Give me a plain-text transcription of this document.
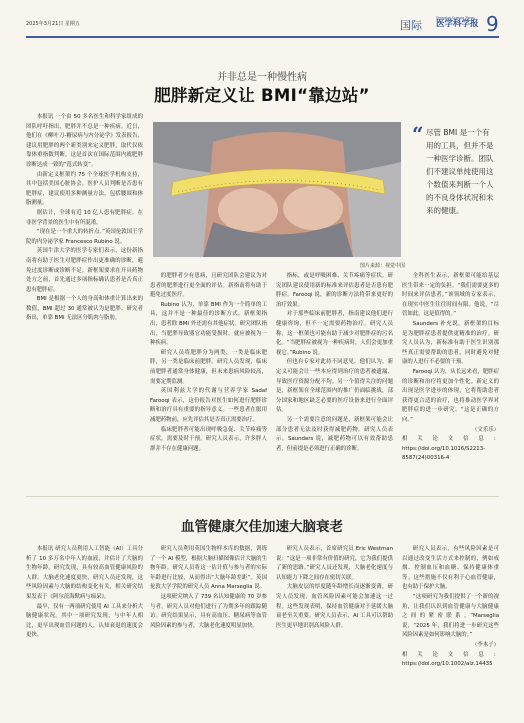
2025年3月21日 星期五	国际
Shanghai Science Times
医学科学报 9
并非总是一种慢性病
肥胖新定义让 BMI“靠边站”

本报讯 一个由 50 多名医生和科学家组成的团队呼吁指出，肥胖并不总是一种疾病。近日，他们在《柳叶刀-糖尿病与内分泌学》发表报告，建议用肥胖的两个新类别来定义肥胖，取代仅依靠体重指数判断。这是首次在国际范围内就肥胖诊断达成一致的“范式转变”。

由新定义框架约 75 个全球医学机构支持，其中包括美国心脏协会。医护人员判断是否患有肥胖症，建议使用多种测量方法，包括腰围和体脂测量。

据估计，全球有近 10 亿人患有肥胖症。在非医学背景的医生中有所混淆。

“现在是一个重大的转折点。”英国伦敦国王学院的内分泌学家 Francesco Rubino 说。

英国牛津大学的医学专家们表示，这份新指南将有助于医生对肥胖症作出更准确的诊断，避免过度诊断或诊断不足。新框架要求在开具药物处方之前，首先通过多项指标确认患者是否真正患有肥胖症。

BMI 是根据一个人的身高和体重计算出来的数值。BMI 超过 30 通常被认为是肥胖。研究者指出，单靠 BMI 无法区分肌肉与脂肪。

图片来源：视觉中国
“ 尽管 BMI 是一个有用的工具，但并不是一种医学诊断。团队们不建议单纯使用这个数值来判断一个人的不良身体状况和未来的健康。

的肥胖者少有患病，且研究团队会建议为对患者的肥胖进行更全面的评估。新指南将有助于避免过度医疗。

Rubino 认为，单靠 BMI 作为一个简单的工具，这并不是一种最佳的诊断方式。新框架指出，患者除 BMI 外还需有其他症状。研究团队指出，当肥胖导致器官功能受损时，就应被视为一种疾病。

研究人员将肥胖分为两类，一类是临床肥胖，另一类是临床前肥胖。研究人员发现，临床前肥胖者通常身体健康，但未来患病风险较高，需要定期监测。

英国利兹大学的代谢与营养学家 Sadaf Farooqi 表示，这份报告对医生如何进行肥胖诊断和治疗具有重要的指导意义。一些患者在服用减肥药物前，应先评估其是否真正需要治疗。

临床肥胖者可能出现呼吸急促、关节疼痛等症状，需要及时干预。研究人员表示，许多胖人群并不存在健康问题。

指标，或是呼吸困难、关节疼痛等症状。研究团队建议使用新的标准来评估患者是否患有肥胖症。Farooqi 说，新的诊断方法将带来更好的治疗效果。

对于那些临床前肥胖者，指南建议他们进行健康咨询，但不一定需要药物治疗。研究人员称，这一框架也可能有助于减少对肥胖症的污名化。“当肥胖症被视为一种疾病时，人们会更加重视它。”Rubino 说。

但也有专家对此持不同意见。他们认为，新定义可能会让一些本应得到治疗的患者被遗漏，导致医疗资源分配不均。另一个值得关注的问题是，新框架在全球范围内的推广仍面临挑战，部分国家和地区缺乏必要的医疗设备来进行全面评估。

另一个需要注意的问题是，新框架可能会让部分患者无法及时获得减肥药物。研究人员表示，Saunders 说，减肥药物可以有效帮助患者，但前提是必须进行正确的诊断。

全科医生表示，新框架可能给基层医生带来一定的负担。“我们需要更多的时间来评估患者。”该领域的专家表示，在现实中医生往往时间有限。他说，“尽管如此，这是值得的。”

Saunders 补充说，新框架的目标是为肥胖症患者提供更精准的治疗。研究人员认为，新标准有助于医生识别那些真正需要帮助的患者，同时避免对健康的人进行不必要的干预。

Farooqi 认为，从长远来看，肥胖症的诊断和治疗将更加个性化。新定义的出现是医学进步的体现，它将帮助患者获得更合适的治疗，也将推动医学界对肥胖症的进一步研究。“这是正确的方向。”

（文乐乐）
相关论文信息：https://doi.org/10.1016/S2213-8587(24)00316-4
血管健康欠佳加速大脑衰老

本报讯 研究人员利用人工智能（AI）工具分析了 10 多万名中年人的血液，并估计了大脑的生物年龄。研究发现，具有较高血管健康风险的人群，大脑老化速度更快，研究人员还发现，这些风险因素与大脑的结构变化有关，相关研究结果发表于《阿尔茨海默病与痴呆》。

最早，仅有一两项研究使用 AI 工具来分析大脑健康状况。其中一项研究发现，与中年人相比，更早出现血管问题的人，认知衰退的速度会更快。

研究人员利用英国生物样本库的数据，训练了一个 AI 模型，根据大脑扫描图像估计大脑的生物年龄。研究人员将这一估计值与参与者的实际年龄进行比较，从而得出“大脑年龄差距”。英国伦敦大学学院的研究人员 Anna Marseglia 说。

这项研究纳入了 739 名认知健康的 70 岁参与者。研究人员对他们进行了为期多年的跟踪随访。研究结果显示，具有高血压、糖尿病等血管风险因素的参与者，大脑老化速度明显加快。

研究人员表示，首席研究员 Eric Westman 说：“这是一项非常有价值的研究，它为我们提供了新的思路。”研究人员还发现，大脑老化速度与认知能力下降之间存在密切关联。

大脑皮层的厚度随年龄增长而逐渐变薄，研究人员发现，血管风险因素可能会加速这一过程。这些发现表明，保持血管健康对于延缓大脑衰老至关重要。研究人员表示，AI 工具可以帮助医生更早地识别高风险人群。

研究人员表示，有些风险因素是可以通过改变生活方式来控制的，例如戒烟、控制血压和血糖、保持健康体重等。这些措施不仅有利于心血管健康，也有助于保护大脑。

“这项研究为我们提供了一个新的视角，让我们认识到血管健康与大脑健康之间的紧密联系。”Marseglia 说，“2025 年，我们将进一步研究这些风险因素是如何影响大脑的。”

（李木子）
相关论文信息：https://doi.org/10.1002/alz.14435
